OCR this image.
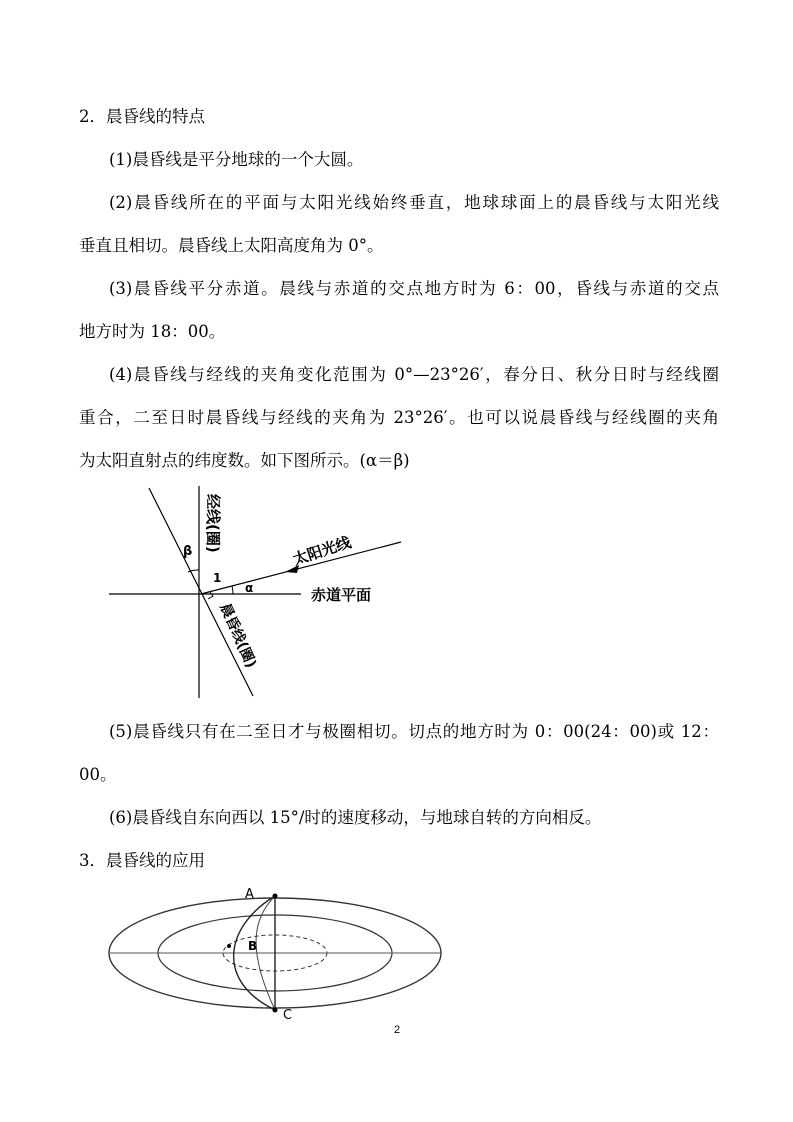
2．晨昏线的特点
(1)晨昏线是平分地球的一个大圆。
(2)晨昏线所在的平面与太阳光线始终垂直，地球球面上的晨昏线与太阳光线
垂直且相切。晨昏线上太阳高度角为 0°。
(3)晨昏线平分赤道。晨线与赤道的交点地方时为 6：00，昏线与赤道的交点
地方时为 18：00。
(4)晨昏线与经线的夹角变化范围为 0°—23°26′，春分日、秋分日时与经线圈
重合，二至日时晨昏线与经线的夹角为 23°26′。也可以说晨昏线与经线圈的夹角
为太阳直射点的纬度数。如下图所示。(α＝β)
β
1
α
经线(圈)	太阳光线
赤道平面
晨昏线(圈)
(5)晨昏线只有在二至日才与极圈相切。切点的地方时为 0：00(24：00)或 12：
00。
(6)晨昏线自东向西以 15°/时的速度移动，与地球自转的方向相反。
3．晨昏线的应用
A
B
C
2
